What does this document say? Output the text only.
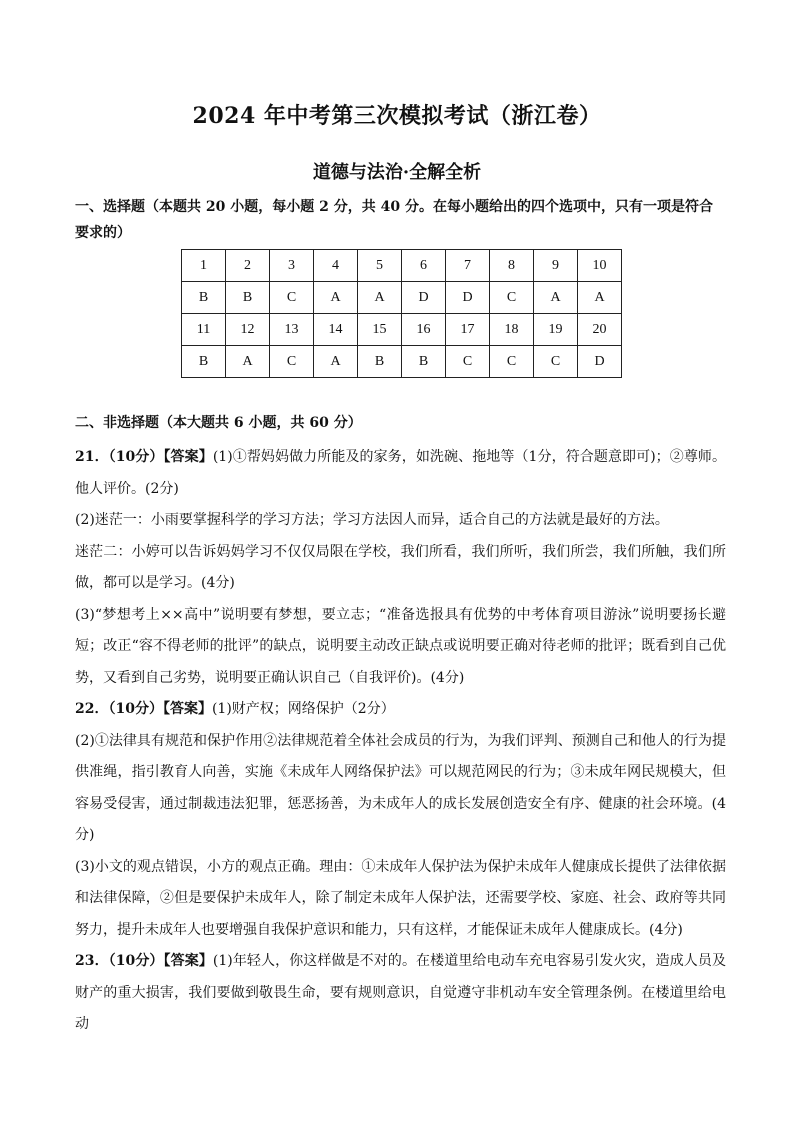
2024 年中考第三次模拟考试（浙江卷）
道德与法治·全解全析
一、选择题（本题共 20 小题，每小题 2 分，共 40 分。在每小题给出的四个选项中，只有一项是符合要求的）
1	2	3	4	5	6	7	8	9	10
B	B	C	A	A	D	D	C	A	A
11	12	13	14	15	16	17	18	19	20
B	A	C	A	B	B	C	C	C	D
二、非选择题（本大题共 6 小题，共 60 分）

21．（10分）【答案】(1)①帮妈妈做力所能及的家务，如洗碗、拖地等（1分，符合题意即可)；②尊师。他人评价。(2分)

(2)迷茫一：小雨要掌握科学的学习方法；学习方法因人而异，适合自己的方法就是最好的方法。

迷茫二：小婷可以告诉妈妈学习不仅仅局限在学校，我们所看，我们所听，我们所尝，我们所触，我们所做，都可以是学习。(4分)

(3)“梦想考上××高中”说明要有梦想，要立志；“准备选报具有优势的中考体育项目游泳”说明要扬长避短；改正“容不得老师的批评”的缺点，说明要主动改正缺点或说明要正确对待老师的批评；既看到自己优势，又看到自己劣势，说明要正确认识自己（自我评价)。(4分)

22．（10分）【答案】(1)财产权；网络保护（2分）

(2)①法律具有规范和保护作用②法律规范着全体社会成员的行为，为我们评判、预测自己和他人的行为提供准绳，指引教育人向善，实施《未成年人网络保护法》可以规范网民的行为；③未成年网民规模大，但容易受侵害，通过制裁违法犯罪，惩恶扬善，为未成年人的成长发展创造安全有序、健康的社会环境。(4分)

(3)小文的观点错误，小方的观点正确。理由：①未成年人保护法为保护未成年人健康成长提供了法律依据和法律保障，②但是要保护未成年人，除了制定未成年人保护法，还需要学校、家庭、社会、政府等共同努力，提升未成年人也要增强自我保护意识和能力，只有这样，才能保证未成年人健康成长。(4分)

23．（10分）【答案】(1)年轻人，你这样做是不对的。在楼道里给电动车充电容易引发火灾，造成人员及财产的重大损害，我们要做到敬畏生命，要有规则意识，自觉遵守非机动车安全管理条例。在楼道里给电动
